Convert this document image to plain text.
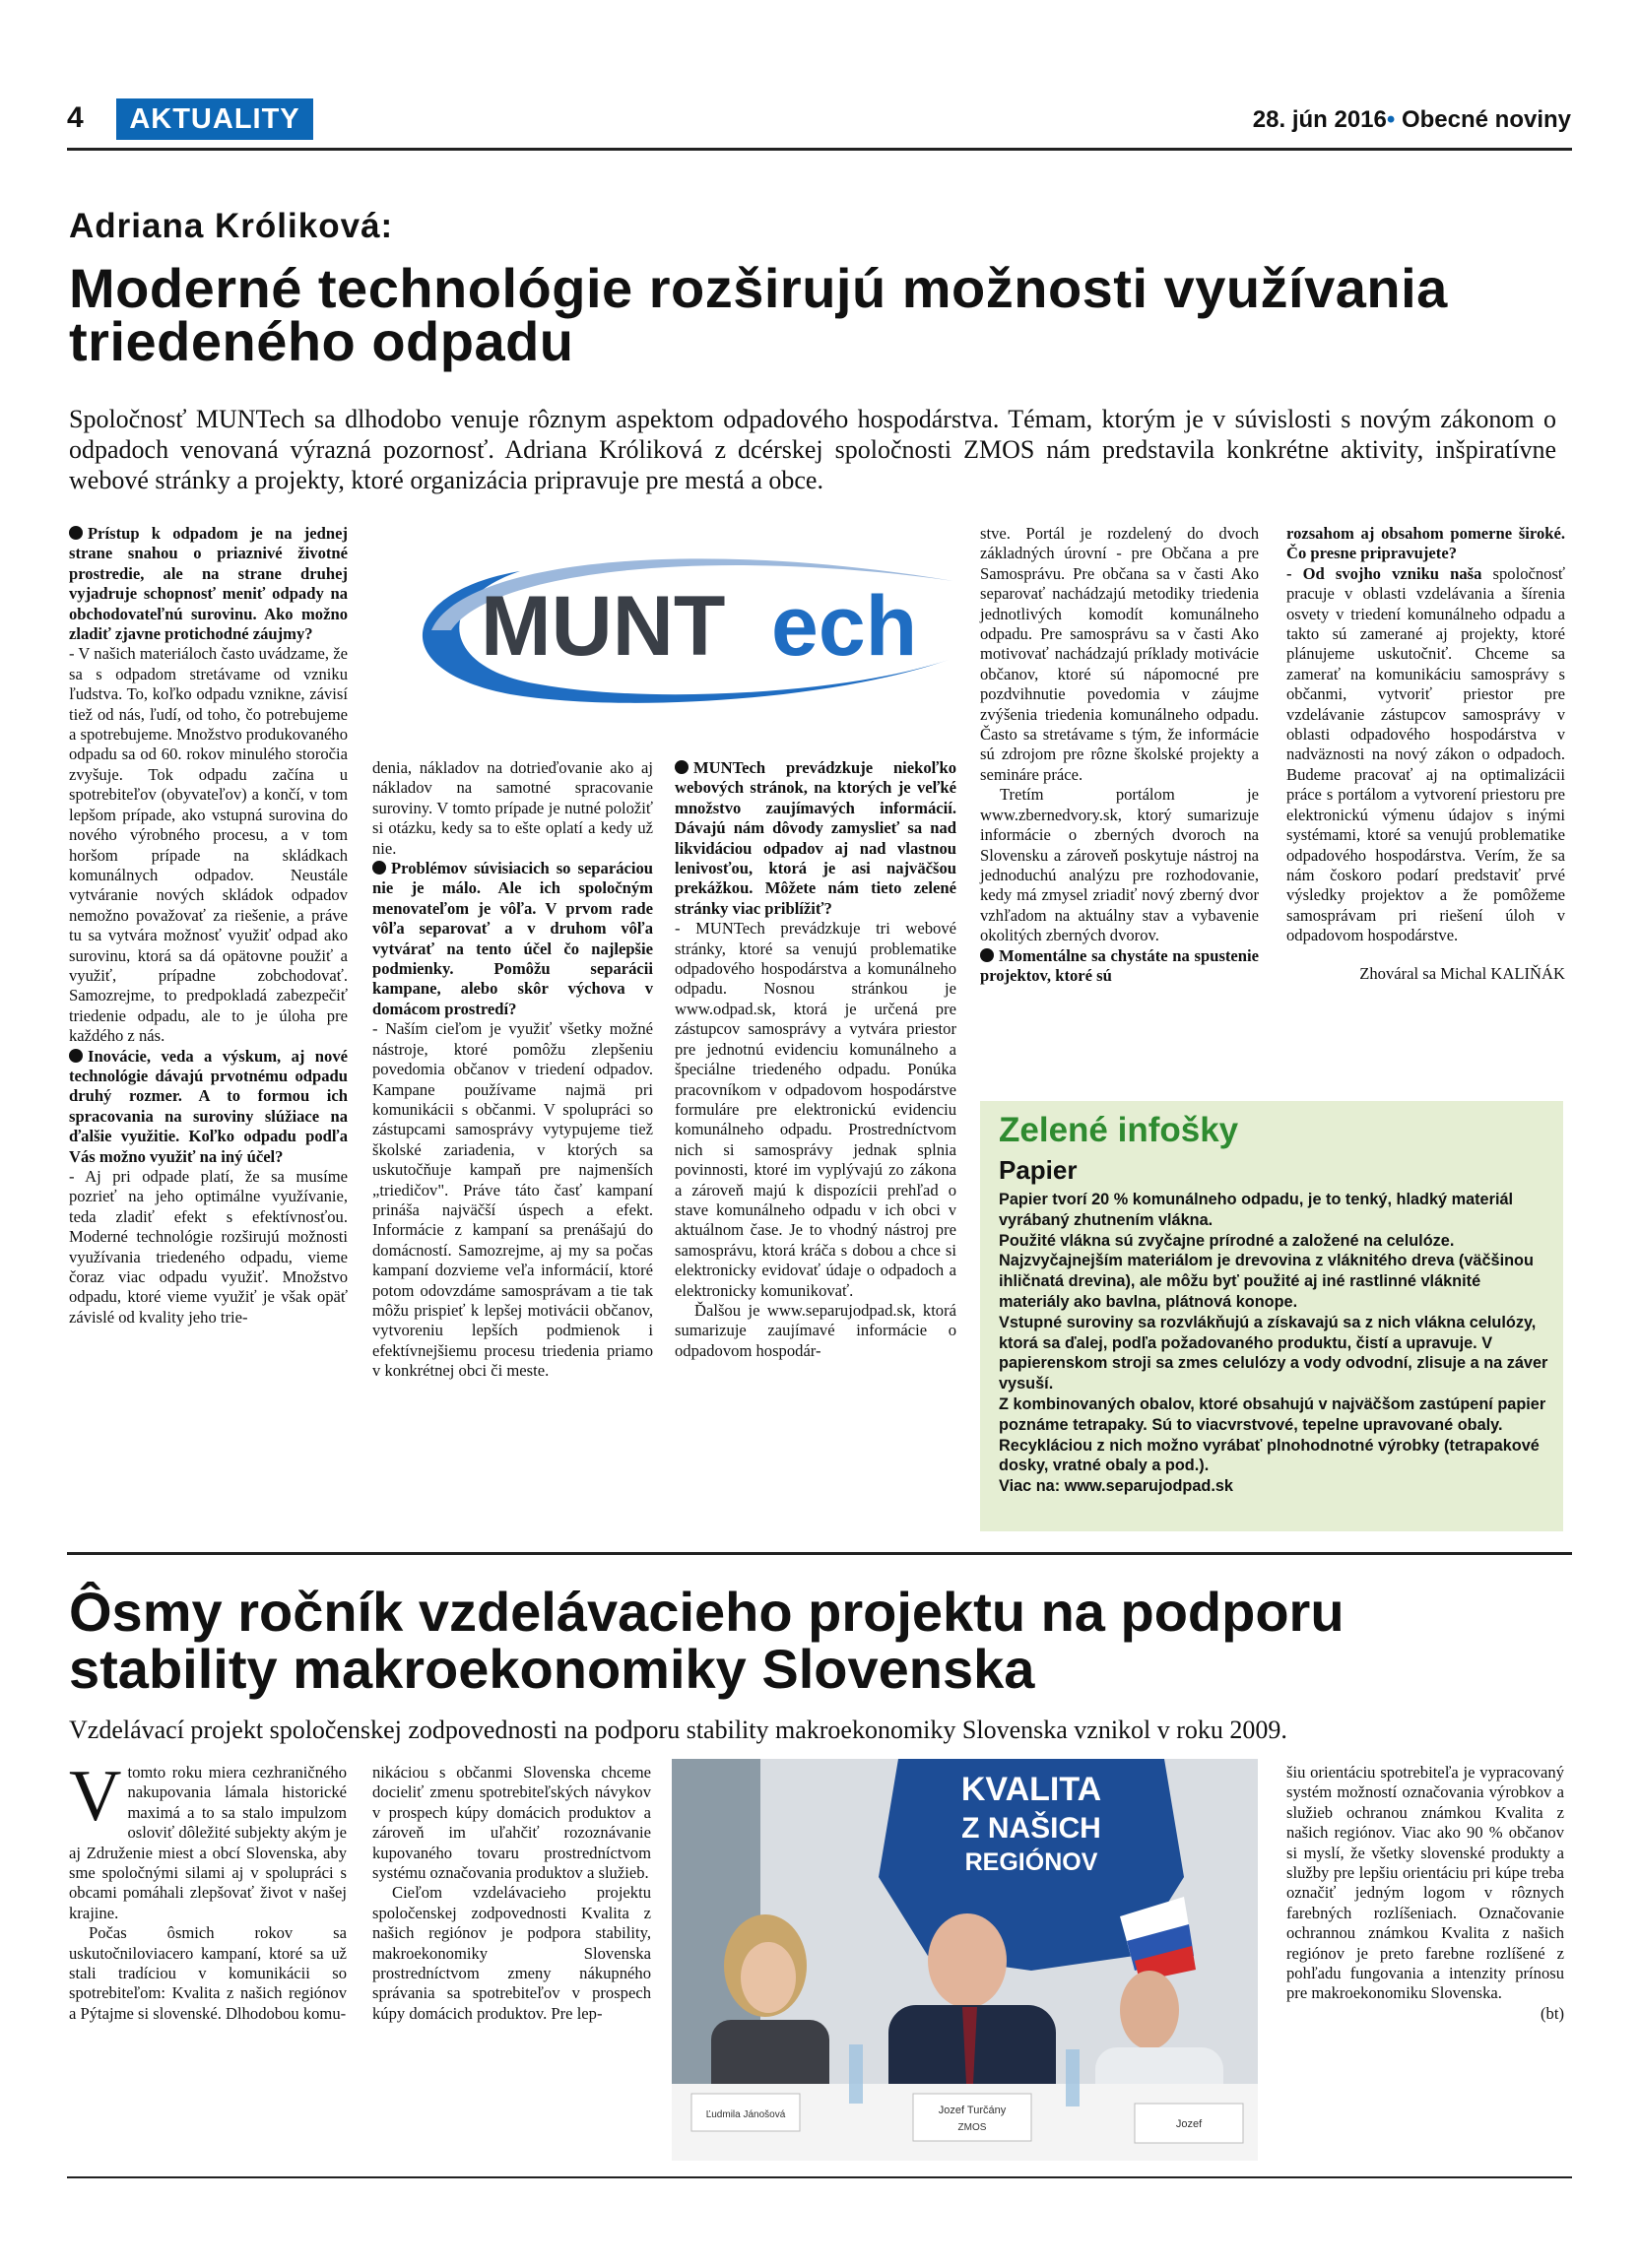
4	AKTUALITY	28. jún 2016• Obecné noviny
Adriana Króliková:
Moderné technológie rozširujú možnosti využívania triedeného odpadu

Spoločnosť MUNTech sa dlhodobo venuje rôznym aspektom odpadového hospodárstva. Témam, ktorým je v súvislosti s novým zákonom o odpadoch venovaná výrazná pozornosť. Adriana Króliková z dcérskej spoločnosti ZMOS nám predstavila konkrétne aktivity, inšpiratívne webové stránky a projekty, ktoré organizácia pripravuje pre mestá a obce.

Prístup k odpadom je na jednej strane snahou o priaznivé životné prostredie, ale na strane druhej vyjadruje schopnosť meniť odpady na obchodovateľnú surovinu. Ako možno zladiť zjavne protichodné záujmy?

- V našich materiáloch často uvádzame, že sa s odpadom stretávame od vzniku ľudstva. To, koľko odpadu vznikne, závisí tiež od nás, ľudí, od toho, čo potrebujeme a spotrebujeme. Množstvo produkovaného odpadu sa od 60. rokov minulého storočia zvyšuje. Tok odpadu začína u spotrebiteľov (obyvateľov) a končí, v tom lepšom prípade, ako vstupná surovina do nového výrobného procesu, a v tom horšom prípade na skládkach komunálnych odpadov. Neustále vytváranie nových skládok odpadov nemožno považovať za riešenie, a práve tu sa vytvára možnosť využiť odpad ako surovinu, ktorá sa dá opätovne použiť a využiť, prípadne zobchodovať. Samozrejme, to predpokladá zabezpečiť triedenie odpadu, ale to je úloha pre každého z nás.

Inovácie, veda a výskum, aj nové technológie dávajú prvotnému odpadu druhý rozmer. A to formou ich spracovania na suroviny slúžiace na ďalšie využitie. Koľko odpadu podľa Vás možno využiť na iný účel?

- Aj pri odpade platí, že sa musíme pozrieť na jeho optimálne využívanie, teda zladiť efekt s efektívnosťou. Moderné technológie rozširujú možnosti využívania triedeného odpadu, vieme čoraz viac odpadu využiť. Množstvo odpadu, ktoré vieme využiť je však opäť závislé od kvality jeho trie-

MUNT ech

denia, nákladov na dotrieďovanie ako aj nákladov na samotné spracovanie suroviny. V tomto prípade je nutné položiť si otázku, kedy sa to ešte oplatí a kedy už nie.

Problémov súvisiacich so separáciou nie je málo. Ale ich spoločným menovateľom je vôľa. V prvom rade vôľa separovať a v druhom vôľa vytvárať na tento účel čo najlepšie podmienky. Pomôžu separácii kampane, alebo skôr výchova v domácom prostredí?

- Naším cieľom je využiť všetky možné nástroje, ktoré pomôžu zlepšeniu povedomia občanov v triedení odpadov. Kampane používame najmä pri komunikácii s občanmi. V spolupráci so zástupcami samosprávy vytypujeme tiež školské zariadenia, v ktorých sa uskutočňuje kampaň pre najmenších „triedičov". Práve táto časť kampaní prináša najväčší úspech a efekt. Informácie z kampaní sa prenášajú do domácností. Samozrejme, aj my sa počas kampaní dozvieme veľa informácií, ktoré potom odovzdáme samosprávam a tie tak môžu prispieť k lepšej motivácii občanov, vytvoreniu lepších podmienok i efektívnejšiemu procesu triedenia priamo v konkrétnej obci či meste.

MUNTech prevádzkuje niekoľko webových stránok, na ktorých je veľké množstvo zaujímavých informácií. Dávajú nám dôvody zamyslieť sa nad likvidáciou odpadov aj nad vlastnou lenivosťou, ktorá je asi najväčšou prekážkou. Môžete nám tieto zelené stránky viac priblížiť?

- MUNTech prevádzkuje tri webové stránky, ktoré sa venujú problematike odpadového hospodárstva a komunálneho odpadu. Nosnou stránkou je www.odpad.sk, ktorá je určená pre zástupcov samosprávy a vytvára priestor pre jednotnú evidenciu komunálneho a špeciálne triedeného odpadu. Ponúka pracovníkom v odpadovom hospodárstve formuláre pre elektronickú evidenciu komunálneho odpadu. Prostredníctvom nich si samosprávy jednak splnia povinnosti, ktoré im vyplývajú zo zákona a zároveň majú k dispozícii prehľad o stave komunálneho odpadu v ich obci v aktuálnom čase. Je to vhodný nástroj pre samosprávu, ktorá kráča s dobou a chce si elektronicky evidovať údaje o odpadoch a elektronicky komunikovať.

Ďalšou je www.separujodpad.sk, ktorá sumarizuje zaujímavé informácie o odpadovom hospodár-

stve. Portál je rozdelený do dvoch základných úrovní - pre Občana a pre Samosprávu. Pre občana sa v časti Ako separovať nachádzajú metodiky triedenia jednotlivých komodít komunálneho odpadu. Pre samosprávu sa v časti Ako motivovať nachádzajú príklady motivácie občanov, ktoré sú nápomocné pre pozdvihnutie povedomia v záujme zvýšenia triedenia komunálneho odpadu. Často sa stretávame s tým, že informácie sú zdrojom pre rôzne školské projekty a semináre práce.

Tretím portálom je www.zbernedvory.sk, ktorý sumarizuje informácie o zberných dvoroch na Slovensku a zároveň poskytuje nástroj na jednoduchú analýzu pre rozhodovanie, kedy má zmysel zriadiť nový zberný dvor vzhľadom na aktuálny stav a vybavenie okolitých zberných dvorov.

Momentálne sa chystáte na spustenie projektov, ktoré sú

rozsahom aj obsahom pomerne široké. Čo presne pripravujete?

- Od svojho vzniku naša spoločnosť pracuje v oblasti vzdelávania a šírenia osvety v triedení komunálneho odpadu a takto sú zamerané aj projekty, ktoré plánujeme uskutočniť. Chceme sa zamerať na komunikáciu samosprávy s občanmi, vytvoriť priestor pre vzdelávanie zástupcov samosprávy v oblasti odpadového hospodárstva v nadväznosti na nový zákon o odpadoch. Budeme pracovať aj na optimalizácii práce s portálom a vytvorení priestoru pre elektronickú výmenu údajov s inými systémami, ktoré sa venujú problematike odpadového hospodárstva. Verím, že sa nám čoskoro podarí predstaviť prvé výsledky projektov a že pomôžeme samosprávam pri riešení úloh v odpadovom hospodárstve.

Zhováral sa Michal KALIŇÁK

Zelené infošky
Papier

Papier tvorí 20 % komunálneho odpadu, je to tenký, hladký materiál vyrábaný zhutnením vlákna.

Použité vlákna sú zvyčajne prírodné a založené na celulóze.

Najzvyčajnejším materiálom je drevovina z vláknitého dreva (väčšinou ihličnatá drevina), ale môžu byť použité aj iné rastlinné vláknité materiály ako bavlna, plátnová konope.

Vstupné suroviny sa rozvlákňujú a získavajú sa z nich vlákna celulózy, ktorá sa ďalej, podľa požadovaného produktu, čistí a upravuje. V papierenskom stroji sa zmes celulózy a vody odvodní, zlisuje a na záver vysuší.

Z kombinovaných obalov, ktoré obsahujú v najväčšom zastúpení papier poznáme tetrapaky. Sú to viacvrstvové, tepelne upravované obaly.

Recykláciou z nich možno vyrábať plnohodnotné výrobky (tetrapakové dosky, vratné obaly a pod.).

Viac na: www.separujodpad.sk

Ôsmy ročník vzdelávacieho projektu na podporu stability makroekonomiky Slovenska

Vzdelávací projekt spoločenskej zodpovednosti na podporu stability makroekonomiky Slovenska vznikol v roku 2009.

Vtomto roku miera cezhraničného nakupovania lámala historické maximá a to sa stalo impulzom osloviť dôležité subjekty akým je aj Združenie miest a obcí Slovenska, aby sme spoločnými silami aj v spolupráci s obcami pomáhali zlepšovať život v našej krajine.

Počas ôsmich rokov sa uskutočniloviacero kampaní, ktoré sa už stali tradíciou v komunikácii so spotrebiteľom: Kvalita z našich regiónov a Pýtajme si slovenské. Dlhodobou komu-

nikáciou s občanmi Slovenska chceme docieliť zmenu spotrebiteľských návykov v prospech kúpy domácich produktov a zároveň im uľahčiť rozoznávanie kupovaného tovaru prostredníctvom systému označovania produktov a služieb.

Cieľom vzdelávacieho projektu spoločenskej zodpovednosti Kvalita z našich regiónov je podpora stability, makroekonomiky Slovenska prostredníctvom zmeny nákupného správania sa spotrebiteľov v prospech kúpy domácich produktov. Pre lep-

KVALITA
Z NAŠICH
REGIÓNOV
Ľudmila Jánošová	Jozef Turčány
ZMOS	Jozef

šiu orientáciu spotrebiteľa je vypracovaný systém možností označovania výrobkov a služieb ochranou známkou Kvalita z našich regiónov. Viac ako 90 % občanov si myslí, že všetky slovenské produkty a služby pre lepšiu orientáciu pri kúpe treba označiť jedným logom v rôznych farebných rozlíšeniach. Označovanie ochrannou známkou Kvalita z našich regiónov je preto farebne rozlíšené z pohľadu fungovania a intenzity prínosu pre makroekonomiku Slovenska.

(bt)
